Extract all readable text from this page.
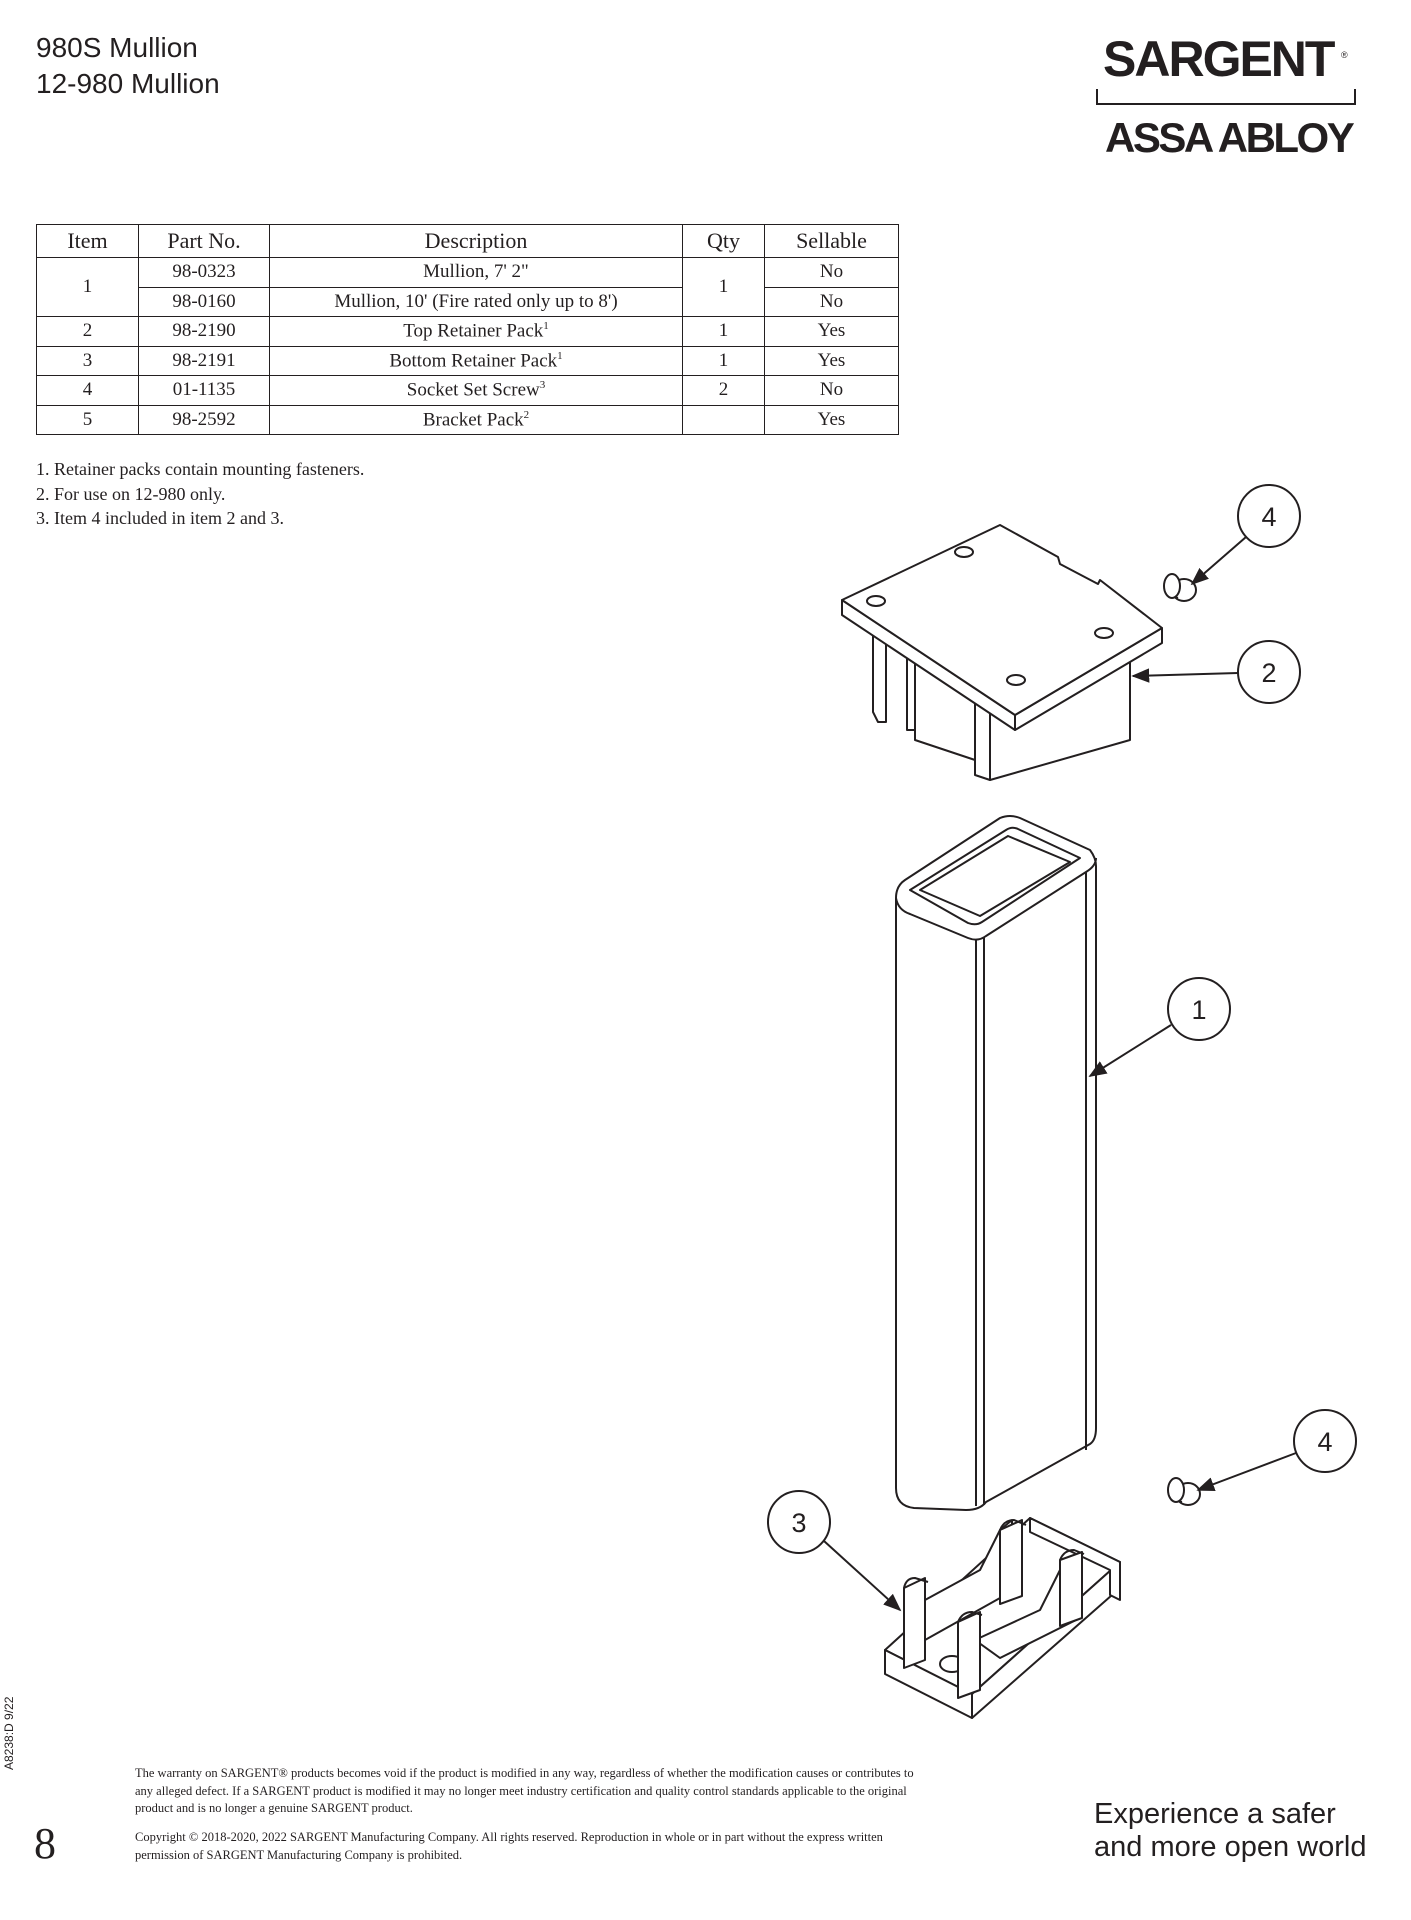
980S Mullion
12-980 Mullion	SARGENT ®
ASSA ABLOY
Item	Part No.	Description	Qty	Sellable
1	98-0323	Mullion, 7' 2"	1	No
	98-0160	Mullion, 10' (Fire rated only up to 8')		No
2	98-2190	Top Retainer Pack$^1$	1	Yes
3	98-2191	Bottom Retainer Pack$^1$	1	Yes
4	01-1135	Socket Set Screw$^3$	2	No
5	98-2592	Bracket Pack$^2$		Yes
1. Retainer packs contain mounting fasteners.
2. For use on 12-980 only.
3. Item 4 included in item 2 and 3.	4
2
1
4
3
A8238:D 9/22
8
The warranty on SARGENT® products becomes void if the product is modified in any way, regardless of whether the modification causes or contributes to any alleged defect. If a SARGENT product is modified it may no longer meet industry certification and quality control standards applicable to the original product and is no longer a genuine SARGENT product.
Copyright © 2018-2020, 2022 SARGENT Manufacturing Company. All rights reserved. Reproduction in whole or in part without the express written permission of SARGENT Manufacturing Company is prohibited.
Experience a safer
and more open world
